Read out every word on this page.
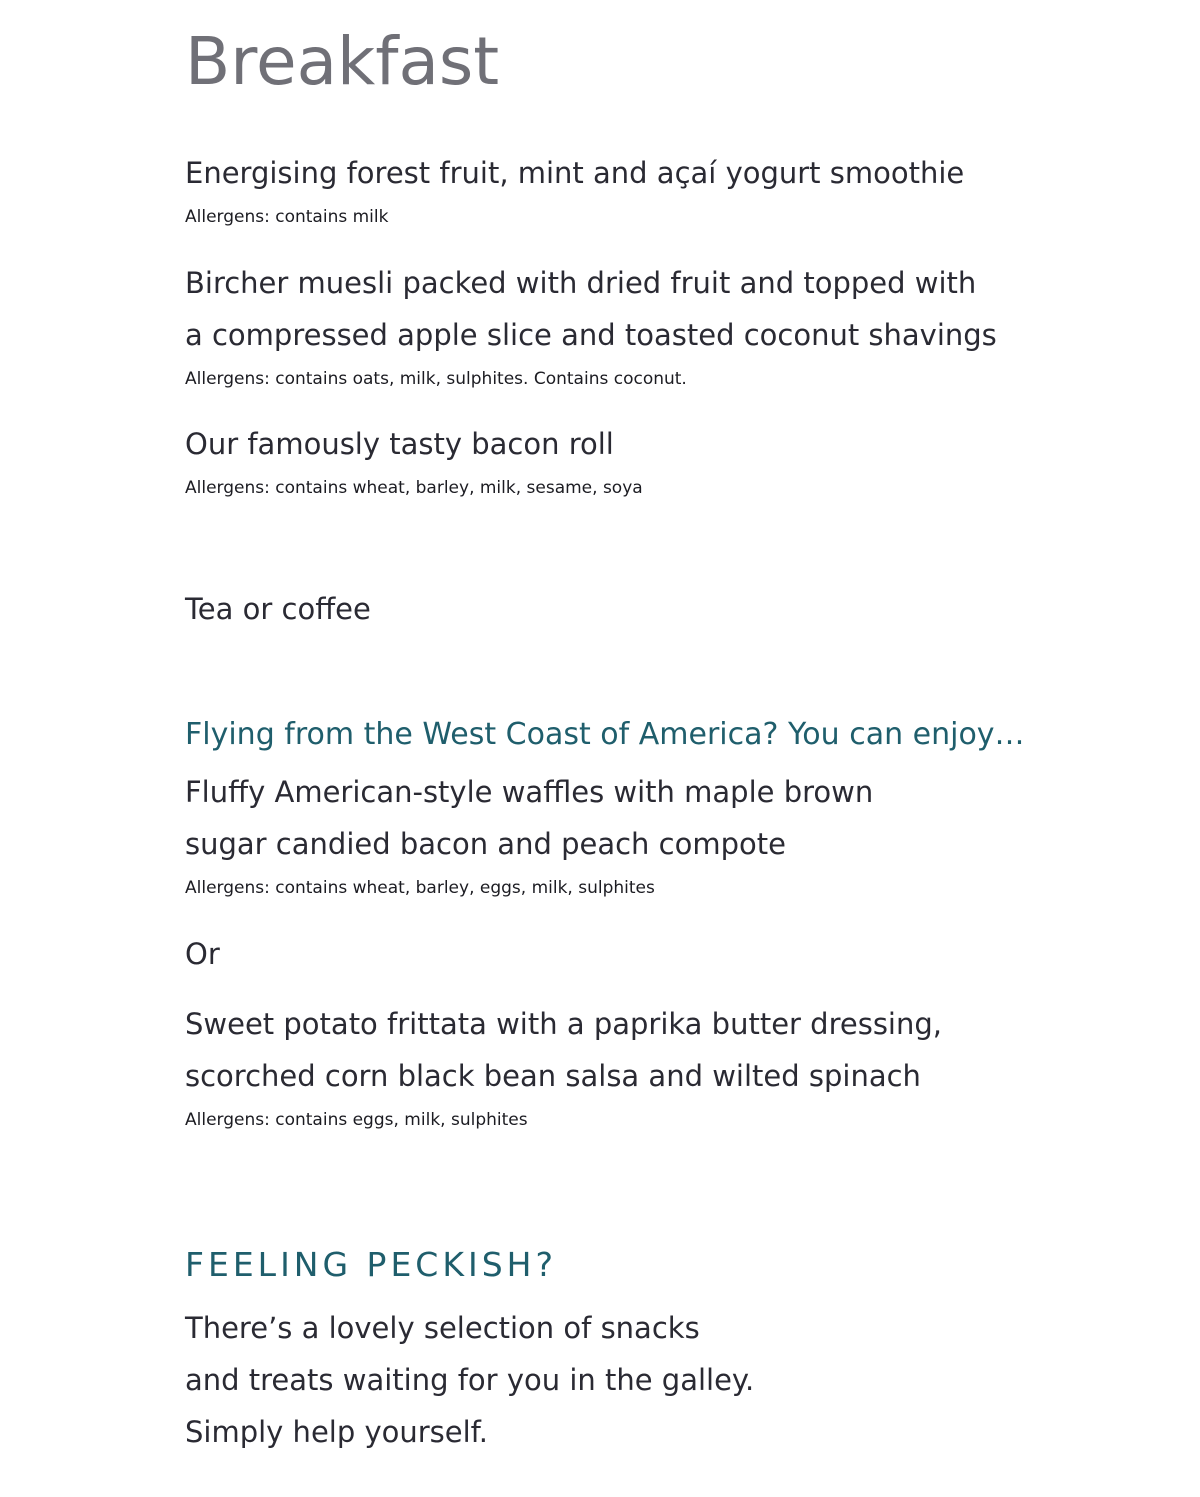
Breakfast
Energising forest fruit, mint and açaí yogurt smoothie
Allergens: contains milk
Bircher muesli packed with dried fruit and topped with
a compressed apple slice and toasted coconut shavings
Allergens: contains oats, milk, sulphites. Contains coconut.
Our famously tasty bacon roll
Allergens: contains wheat, barley, milk, sesame, soya
Tea or coffee
Flying from the West Coast of America? You can enjoy…
Fluffy American-style waffles with maple brown
sugar candied bacon and peach compote
Allergens: contains wheat, barley, eggs, milk, sulphites
Or
Sweet potato frittata with a paprika butter dressing,
scorched corn black bean salsa and wilted spinach
Allergens: contains eggs, milk, sulphites
FEELING PECKISH?
There’s a lovely selection of snacks
and treats waiting for you in the galley.
Simply help yourself.
